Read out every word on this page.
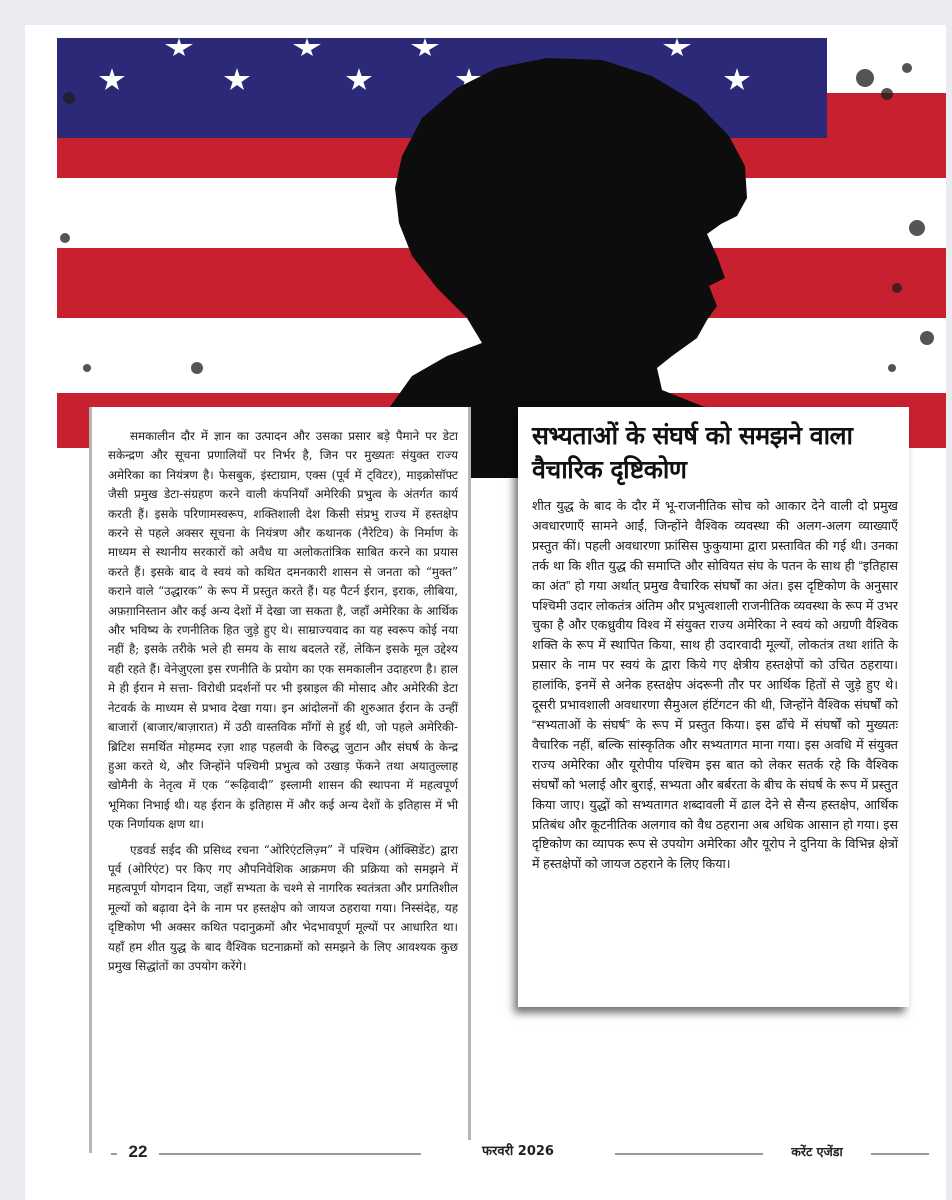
समकालीन दौर में ज्ञान का उत्पादन और उसका प्रसार बड़े पैमाने पर डेटा सकेन्द्रण और सूचना प्रणालियों पर निर्भर है, जिन पर मुख्यतः संयुक्त राज्य अमेरिका का नियंत्रण है। फेसबुक, इंस्टाग्राम, एक्स (पूर्व में ट्विटर), माइक्रोसॉफ्ट जैसी प्रमुख डेटा-संग्रहण करने वाली कंपनियाँ अमेरिकी प्रभुत्व के अंतर्गत कार्य करती हैं। इसके परिणामस्वरूप, शक्तिशाली देश किसी संप्रभु राज्य में हस्तक्षेप करने से पहले अक्सर सूचना के नियंत्रण और कथानक (नैरेटिव) के निर्माण के माध्यम से स्थानीय सरकारों को अवैध या अलोकतांत्रिक साबित करने का प्रयास करते हैं। इसके बाद वे स्वयं को कथित दमनकारी शासन से जनता को “मुक्त” कराने वाले “उद्धारक” के रूप में प्रस्तुत करते हैं। यह पैटर्न ईरान, इराक, लीबिया, अफ़ग़ानिस्तान और कई अन्य देशों में देखा जा सकता है, जहाँ अमेरिका के आर्थिक और भविष्य के रणनीतिक हित जुड़े हुए थे। साम्राज्यवाद का यह स्वरूप कोई नया नहीं है; इसके तरीके भले ही समय के साथ बदलते रहें, लेकिन इसके मूल उद्देश्य वही रहते हैं। वेनेज़ुएला इस रणनीति के प्रयोग का एक समकालीन उदाहरण है। हाल मे ही ईरान मे सत्ता- विरोधी प्रदर्शनों पर भी इस्राइल की मोसाद और अमेरिकी डेटा नेटवर्क के माध्यम से प्रभाव देखा गया। इन आंदोलनों की शुरुआत ईरान के उन्हीं बाजारों (बाजार/बाज़ारात) में उठी वास्तविक माँगों से हुई थी, जो पहले अमेरिकी-ब्रिटिश समर्थित मोहम्मद रज़ा शाह पहलवी के विरुद्ध जुटान और संघर्ष के केन्द्र हुआ करते थे, और जिन्होंने पश्चिमी प्रभुत्व को उखाड़ फेंकने तथा अयातुल्लाह खोमैनी के नेतृत्व में एक “रूढ़िवादी” इस्लामी शासन की स्थापना में महत्वपूर्ण भूमिका निभाई थी। यह ईरान के इतिहास में और कई अन्य देशों के इतिहास में भी एक निर्णायक क्षण था।

एडवर्ड सईद की प्रसिध्द रचना “ओरिएंटलिज़्म” नें पश्चिम (ऑक्सिडेंट) द्वारा पूर्व (ओरिएंट) पर किए गए औपनिवेशिक आक्रमण की प्रक्रिया को समझने में महत्वपूर्ण योगदान दिया, जहाँ सभ्यता के चश्मे से नागरिक स्वतंत्रता और प्रगतिशील मूल्यों को बढ़ावा देने के नाम पर हस्तक्षेप को जायज ठहराया गया। निस्संदेह, यह दृष्टिकोण भी अक्सर कथित पदानुक्रमों और भेदभावपूर्ण मूल्यों पर आधारित था। यहाँ हम शीत युद्ध के बाद वैश्विक घटनाक्रमों को समझने के लिए आवश्यक कुछ प्रमुख सिद्धांतों का उपयोग करेंगे।

सभ्यताओं के संघर्ष को समझने वाला वैचारिक दृष्टिकोण

शीत युद्ध के बाद के दौर में भू-राजनीतिक सोच को आकार देने वाली दो प्रमुख अवधारणाएँ सामने आईं, जिन्होंने वैश्विक व्यवस्था की अलग-अलग व्याख्याएँ प्रस्तुत कीं। पहली अवधारणा फ्रांसिस फुकुयामा द्वारा प्रस्तावित की गई थी। उनका तर्क था कि शीत युद्ध की समाप्ति और सोवियत संघ के पतन के साथ ही “इतिहास का अंत” हो गया अर्थात् प्रमुख वैचारिक संघर्षों का अंत। इस दृष्टिकोण के अनुसार पश्चिमी उदार लोकतंत्र अंतिम और प्रभुत्वशाली राजनीतिक व्यवस्था के रूप में उभर चुका है और एकध्रुवीय विश्व में संयुक्त राज्य अमेरिका ने स्वयं को अग्रणी वैश्विक शक्ति के रूप में स्थापित किया, साथ ही उदारवादी मूल्यों, लोकतंत्र तथा शांति के प्रसार के नाम पर स्वयं के द्वारा किये गए क्षेत्रीय हस्तक्षेपों को उचित ठहराया। हालांकि, इनमें से अनेक हस्तक्षेप अंदरूनी तौर पर आर्थिक हितों से जुड़े हुए थे। दूसरी प्रभावशाली अवधारणा सैमुअल हंटिंगटन की थी, जिन्होंने वैश्विक संघर्षों को “सभ्यताओं के संघर्ष” के रूप में प्रस्तुत किया। इस ढाँचे में संघर्षों को मुख्यतः वैचारिक नहीं, बल्कि सांस्कृतिक और सभ्यतागत माना गया। इस अवधि में संयुक्त राज्य अमेरिका और यूरोपीय पश्चिम इस बात को लेकर सतर्क रहे कि वैश्विक संघर्षों को भलाई और बुराई, सभ्यता और बर्बरता के बीच के संघर्ष के रूप में प्रस्तुत किया जाए। युद्धों को सभ्यतागत शब्दावली में ढाल देने से सैन्य हस्तक्षेप, आर्थिक प्रतिबंध और कूटनीतिक अलगाव को वैध ठहराना अब अधिक आसान हो गया। इस दृष्टिकोण का व्यापक रूप से उपयोग अमेरिका और यूरोप ने दुनिया के विभिन्न क्षेत्रों में हस्तक्षेपों को जायज ठहराने के लिए किया।

22	फरवरी 2026	करेंट एजेंडा
